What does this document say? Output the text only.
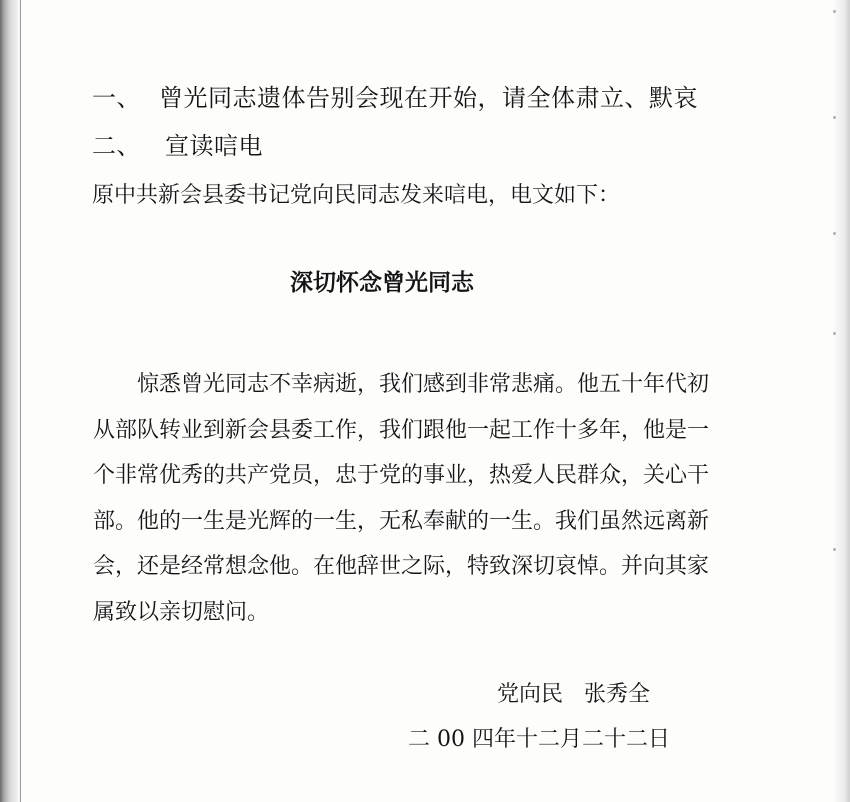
一、 曾光同志遗体告别会现在开始，请全体肃立、默哀
二、 宣读唁电
原中共新会县委书记党向民同志发来唁电，电文如下：
深切怀念曾光同志
惊悉曾光同志不幸病逝，我们感到非常悲痛。他五十年代初
从部队转业到新会县委工作，我们跟他一起工作十多年，他是一
个非常优秀的共产党员，忠于党的事业，热爱人民群众，关心干
部。他的一生是光辉的一生，无私奉献的一生。我们虽然远离新
会，还是经常想念他。在他辞世之际，特致深切哀悼。并向其家
属致以亲切慰问。
党向民   张秀全
二 00 四年十二月二十二日
